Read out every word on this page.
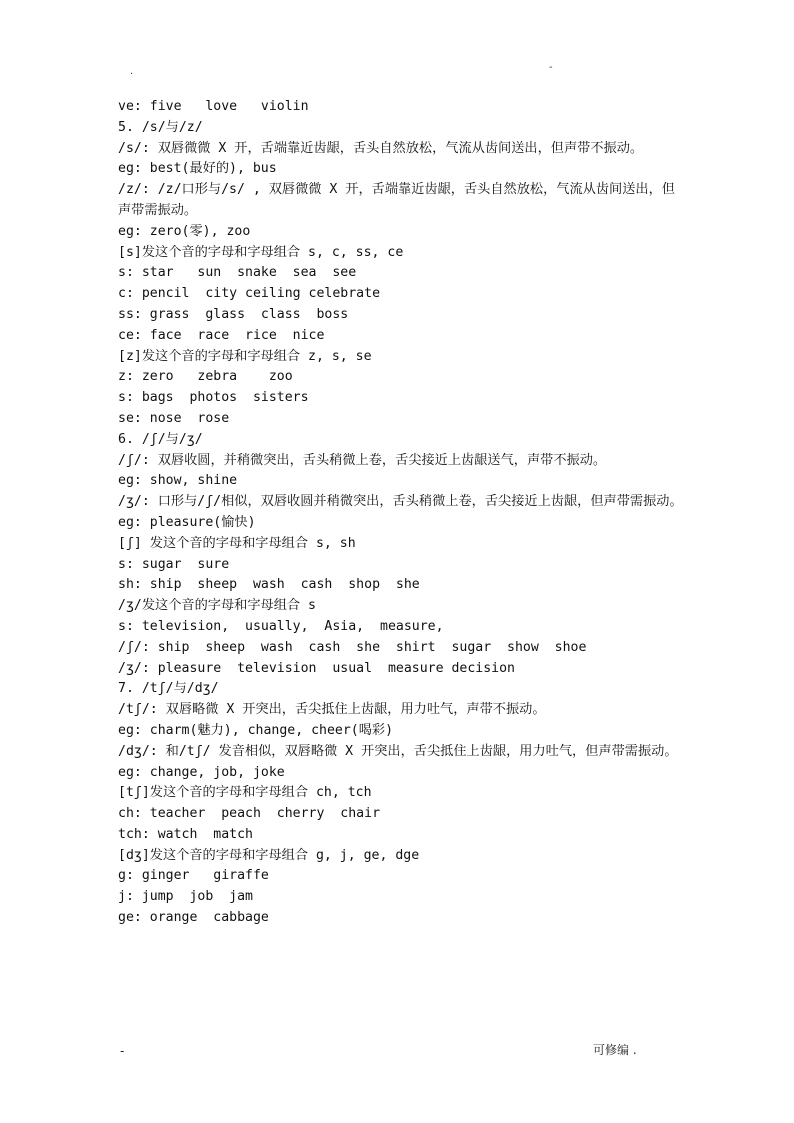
.	-
ve: five   love   violin
5. /s/与/z/
/s/: 双唇微微 X 开，舌端靠近齿龈，舌头自然放松，气流从齿间送出，但声带不振动。
eg: best(最好的), bus
/z/: /z/口形与/s/ , 双唇微微 X 开，舌端靠近齿龈，舌头自然放松，气流从齿间送出，但声带需振动。
eg: zero(零), zoo
[s]发这个音的字母和字母组合 s, c, ss, ce
s: star   sun  snake  sea  see
c: pencil  city ceiling celebrate
ss: grass  glass  class  boss
ce: face  race  rice  nice
[z]发这个音的字母和字母组合 z, s, se
z: zero   zebra    zoo
s: bags  photos  sisters
se: nose  rose
6. /ʃ/与/ʒ/
/ʃ/: 双唇收圆，并稍微突出，舌头稍微上卷，舌尖接近上齿龈送气，声带不振动。
eg: show, shine
/ʒ/: 口形与/ʃ/相似，双唇收圆并稍微突出，舌头稍微上卷，舌尖接近上齿龈，但声带需振动。
eg: pleasure(愉快)
[ʃ] 发这个音的字母和字母组合 s, sh
s: sugar  sure
sh: ship  sheep  wash  cash  shop  she
/ʒ/发这个音的字母和字母组合 s
s: television,  usually,  Asia,  measure,
/ʃ/: ship  sheep  wash  cash  she  shirt  sugar  show  shoe
/ʒ/: pleasure  television  usual  measure decision
7. /tʃ/与/dʒ/
/tʃ/: 双唇略微 X 开突出，舌尖抵住上齿龈，用力吐气，声带不振动。
eg: charm(魅力), change, cheer(喝彩)
/dʒ/: 和/tʃ/ 发音相似，双唇略微 X 开突出，舌尖抵住上齿龈，用力吐气，但声带需振动。
eg: change, job, joke
[tʃ]发这个音的字母和字母组合 ch, tch
ch: teacher  peach  cherry  chair
tch: watch  match
[dʒ]发这个音的字母和字母组合 g, j, ge, dge
g: ginger   giraffe
j: jump  job  jam
ge: orange  cabbage
-	可修编 .
